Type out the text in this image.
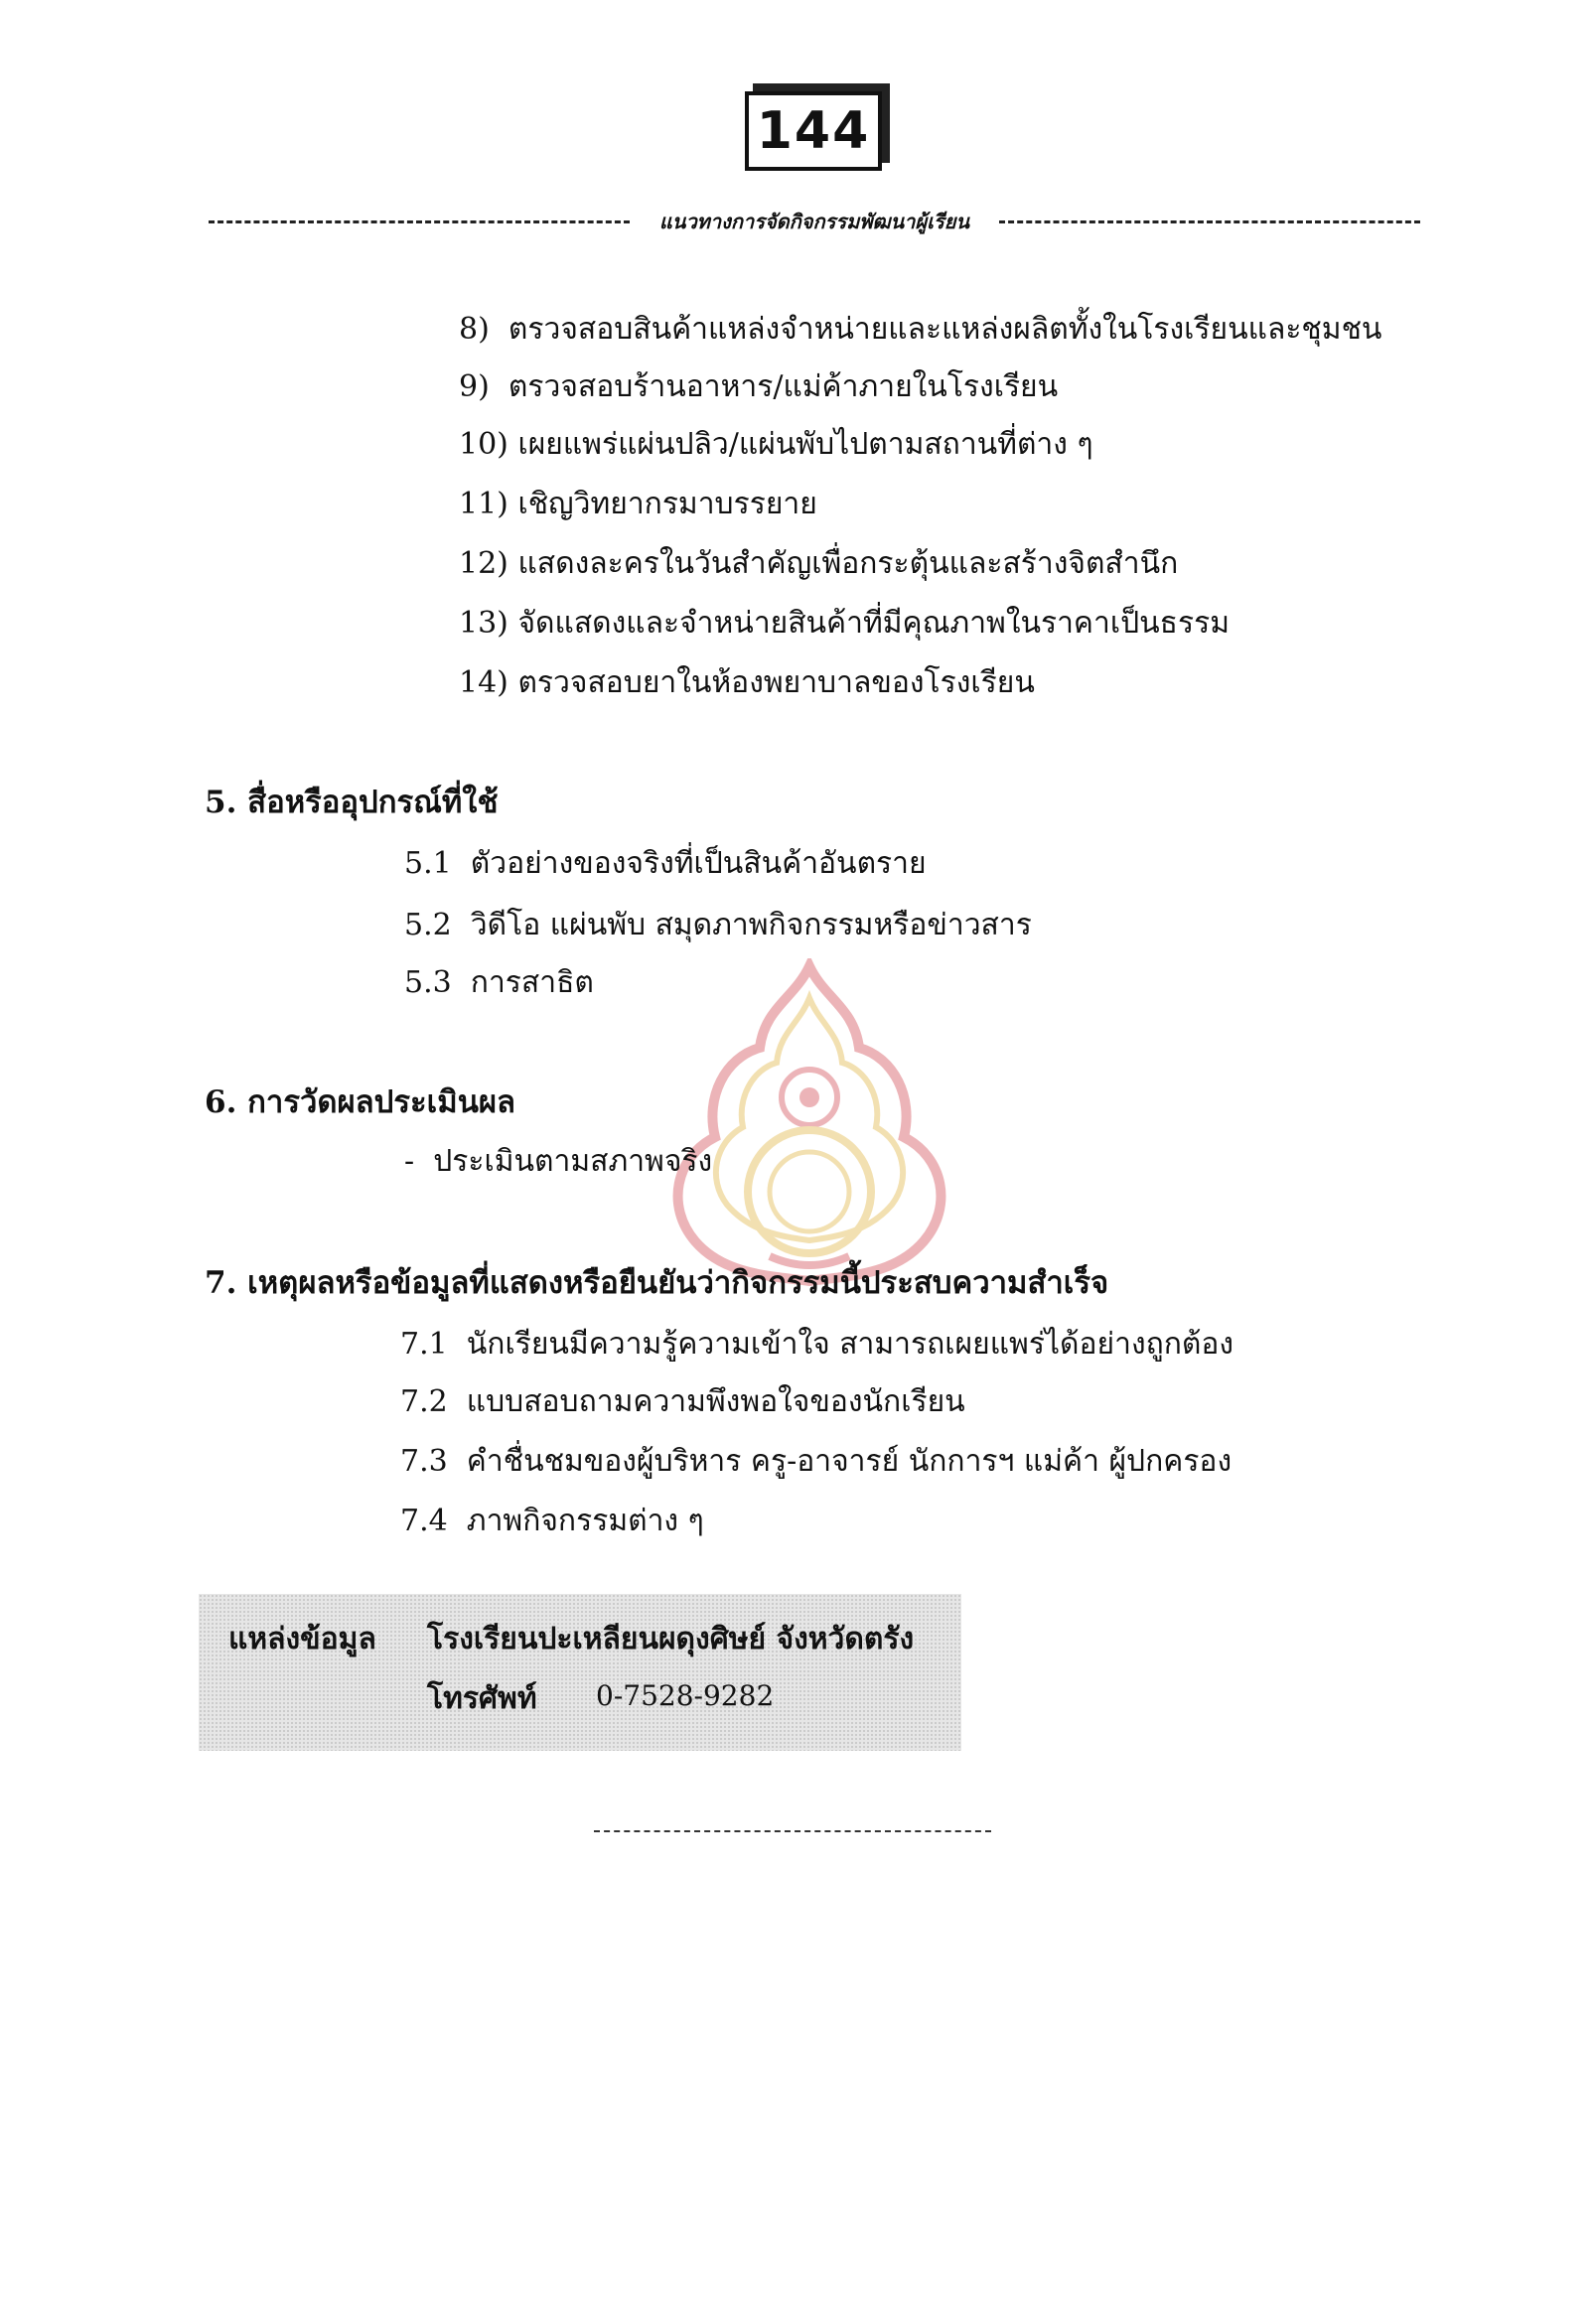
144
แนวทางการจัดกิจกรรมพัฒนาผู้เรียน
8) ตรวจสอบสินค้าแหล่งจำหน่ายและแหล่งผลิตทั้งในโรงเรียนและชุมชน
9) ตรวจสอบร้านอาหาร/แม่ค้าภายในโรงเรียน
10) เผยแพร่แผ่นปลิว/แผ่นพับไปตามสถานที่ต่าง ๆ
11) เชิญวิทยากรมาบรรยาย
12) แสดงละครในวันสำคัญเพื่อกระตุ้นและสร้างจิตสำนึก
13) จัดแสดงและจำหน่ายสินค้าที่มีคุณภาพในราคาเป็นธรรม
14) ตรวจสอบยาในห้องพยาบาลของโรงเรียน
5. สื่อหรืออุปกรณ์ที่ใช้
5.1 ตัวอย่างของจริงที่เป็นสินค้าอันตราย
5.2 วิดีโอ แผ่นพับ สมุดภาพกิจกรรมหรือข่าวสาร
5.3 การสาธิต
6. การวัดผลประเมินผล
- ประเมินตามสภาพจริง
7. เหตุผลหรือข้อมูลที่แสดงหรือยืนยันว่ากิจกรรมนี้ประสบความสำเร็จ
7.1 นักเรียนมีความรู้ความเข้าใจ สามารถเผยแพร่ได้อย่างถูกต้อง
7.2 แบบสอบถามความพึงพอใจของนักเรียน
7.3 คำชื่นชมของผู้บริหาร ครู-อาจารย์ นักการฯ แม่ค้า ผู้ปกครอง
7.4 ภาพกิจกรรมต่าง ๆ
แหล่งข้อมูล โรงเรียนปะเหลียนผดุงศิษย์ จังหวัดตรัง
โทรศัพท์ 0-7528-9282
